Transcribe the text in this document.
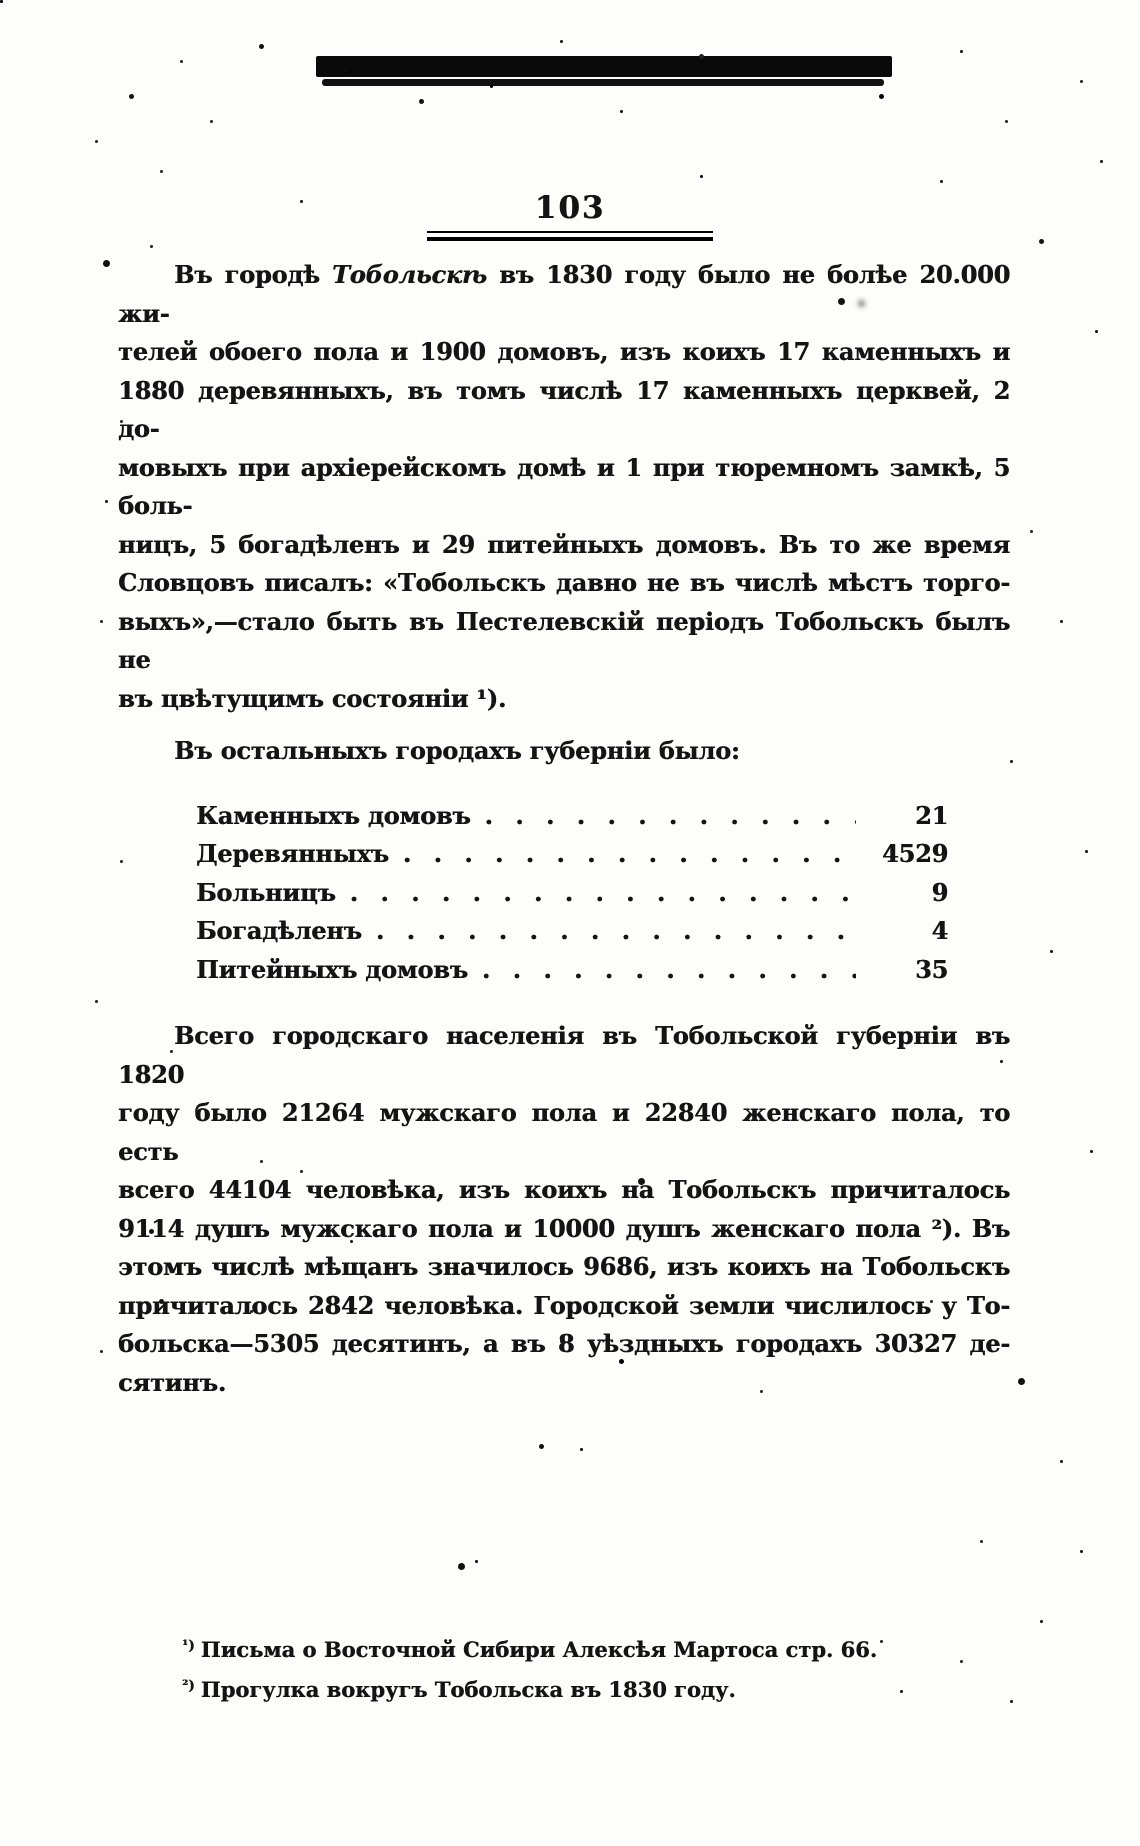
103
Въ городѣ Тобольскѣ въ 1830 году было не болѣе 20.000 жи-
телей обоего пола и 1900 домовъ, изъ коихъ 17 каменныхъ и
1880 деревянныхъ, въ томъ числѣ 17 каменныхъ церквей, 2 до-
мовыхъ при архіерейскомъ домѣ и 1 при тюремномъ замкѣ, 5 боль-
ницъ, 5 богадѣленъ и 29 питейныхъ домовъ. Въ то же время
Словцовъ писалъ: «Тобольскъ давно не въ числѣ мѣстъ торго-
выхъ»,—стало быть въ Пестелевскій періодъ Тобольскъ былъ не
въ цвѣтущимъ состояніи ¹).
Въ остальныхъ городахъ губерніи было:
Каменныхъ домовъ . . .	21
Деревянныхъ . . .	4529
Больницъ . . .	9
Богадѣленъ . . .	4
Питейныхъ домовъ . . .	35
Всего городскаго населенія въ Тобольской губерніи въ 1820
году было 21264 мужскаго пола и 22840 женскаго пола, то есть
всего 44104 человѣка, изъ коихъ на Тобольскъ причиталось
9114 душъ мужскаго пола и 10000 душъ женскаго пола ²). Въ
этомъ числѣ мѣщанъ значилось 9686, изъ коихъ на Тобольскъ
причиталось 2842 человѣка. Городской земли числилось у То-
больска—5305 десятинъ, а въ 8 уѣздныхъ городахъ 30327 де-
сятинъ.
$^{^1)}$ Письма о Восточной Сибири Алексѣя Мартоса стр. 66.
$^{^2)}$ Прогулка вокругъ Тобольска въ 1830 году.
